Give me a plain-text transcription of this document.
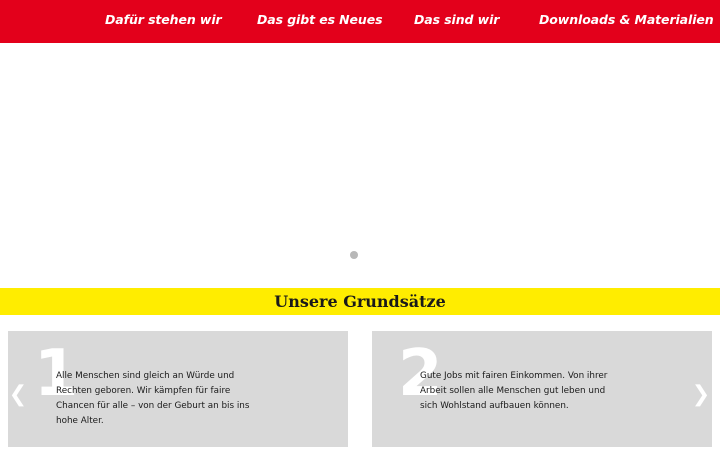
Dafür stehen wir	Das gibt es Neues	Das sind wir	Downloads & Materialien
Unsere Grundsätze
1
Alle Menschen sind gleich an Würde und Rechten geboren. Wir kämpfen für faire Chancen für alle – von der Geburt an bis ins hohe Alter.
2
Gute Jobs mit fairen Einkommen. Von ihrer Arbeit sollen alle Menschen gut leben und sich Wohlstand aufbauen können.
❮	❯
